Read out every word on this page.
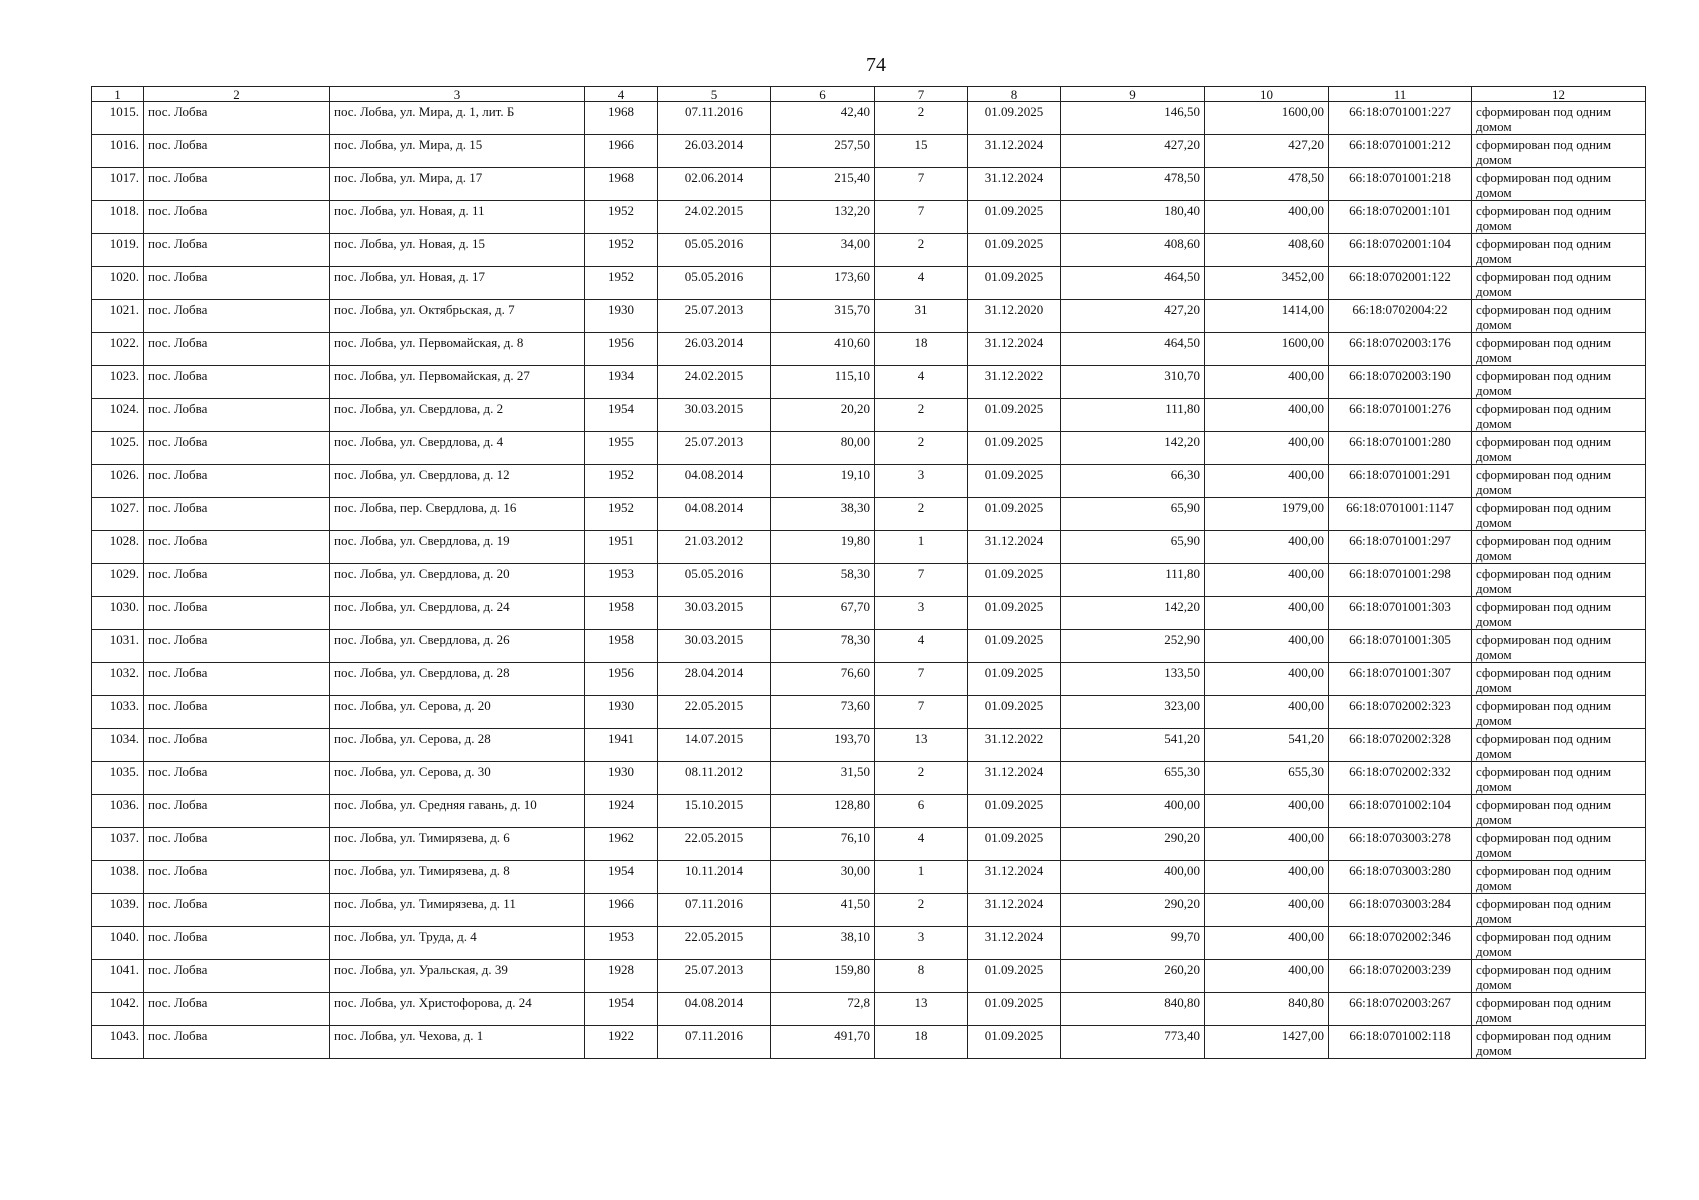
74
1	2	3	4	5	6	7	8	9	10	11	12
1015.	пос. Лобва	пос. Лобва, ул. Мира, д. 1, лит. Б	1968	07.11.2016	42,40	2	01.09.2025	146,50	1600,00	66:18:0701001:227	сформирован под одним домом
1016.	пос. Лобва	пос. Лобва, ул. Мира, д. 15	1966	26.03.2014	257,50	15	31.12.2024	427,20	427,20	66:18:0701001:212	сформирован под одним домом
1017.	пос. Лобва	пос. Лобва, ул. Мира, д. 17	1968	02.06.2014	215,40	7	31.12.2024	478,50	478,50	66:18:0701001:218	сформирован под одним домом
1018.	пос. Лобва	пос. Лобва, ул. Новая, д. 11	1952	24.02.2015	132,20	7	01.09.2025	180,40	400,00	66:18:0702001:101	сформирован под одним домом
1019.	пос. Лобва	пос. Лобва, ул. Новая, д. 15	1952	05.05.2016	34,00	2	01.09.2025	408,60	408,60	66:18:0702001:104	сформирован под одним домом
1020.	пос. Лобва	пос. Лобва, ул. Новая, д. 17	1952	05.05.2016	173,60	4	01.09.2025	464,50	3452,00	66:18:0702001:122	сформирован под одним домом
1021.	пос. Лобва	пос. Лобва, ул. Октябрьская, д. 7	1930	25.07.2013	315,70	31	31.12.2020	427,20	1414,00	66:18:0702004:22	сформирован под одним домом
1022.	пос. Лобва	пос. Лобва, ул. Первомайская, д. 8	1956	26.03.2014	410,60	18	31.12.2024	464,50	1600,00	66:18:0702003:176	сформирован под одним домом
1023.	пос. Лобва	пос. Лобва, ул. Первомайская, д. 27	1934	24.02.2015	115,10	4	31.12.2022	310,70	400,00	66:18:0702003:190	сформирован под одним домом
1024.	пос. Лобва	пос. Лобва, ул. Свердлова, д. 2	1954	30.03.2015	20,20	2	01.09.2025	111,80	400,00	66:18:0701001:276	сформирован под одним домом
1025.	пос. Лобва	пос. Лобва, ул. Свердлова, д. 4	1955	25.07.2013	80,00	2	01.09.2025	142,20	400,00	66:18:0701001:280	сформирован под одним домом
1026.	пос. Лобва	пос. Лобва, ул. Свердлова, д. 12	1952	04.08.2014	19,10	3	01.09.2025	66,30	400,00	66:18:0701001:291	сформирован под одним домом
1027.	пос. Лобва	пос. Лобва, пер. Свердлова, д. 16	1952	04.08.2014	38,30	2	01.09.2025	65,90	1979,00	66:18:0701001:1147	сформирован под одним домом
1028.	пос. Лобва	пос. Лобва, ул. Свердлова, д. 19	1951	21.03.2012	19,80	1	31.12.2024	65,90	400,00	66:18:0701001:297	сформирован под одним домом
1029.	пос. Лобва	пос. Лобва, ул. Свердлова, д. 20	1953	05.05.2016	58,30	7	01.09.2025	111,80	400,00	66:18:0701001:298	сформирован под одним домом
1030.	пос. Лобва	пос. Лобва, ул. Свердлова, д. 24	1958	30.03.2015	67,70	3	01.09.2025	142,20	400,00	66:18:0701001:303	сформирован под одним домом
1031.	пос. Лобва	пос. Лобва, ул. Свердлова, д. 26	1958	30.03.2015	78,30	4	01.09.2025	252,90	400,00	66:18:0701001:305	сформирован под одним домом
1032.	пос. Лобва	пос. Лобва, ул. Свердлова, д. 28	1956	28.04.2014	76,60	7	01.09.2025	133,50	400,00	66:18:0701001:307	сформирован под одним домом
1033.	пос. Лобва	пос. Лобва, ул. Серова, д. 20	1930	22.05.2015	73,60	7	01.09.2025	323,00	400,00	66:18:0702002:323	сформирован под одним домом
1034.	пос. Лобва	пос. Лобва, ул. Серова, д. 28	1941	14.07.2015	193,70	13	31.12.2022	541,20	541,20	66:18:0702002:328	сформирован под одним домом
1035.	пос. Лобва	пос. Лобва, ул. Серова, д. 30	1930	08.11.2012	31,50	2	31.12.2024	655,30	655,30	66:18:0702002:332	сформирован под одним домом
1036.	пос. Лобва	пос. Лобва, ул. Средняя гавань, д. 10	1924	15.10.2015	128,80	6	01.09.2025	400,00	400,00	66:18:0701002:104	сформирован под одним домом
1037.	пос. Лобва	пос. Лобва, ул. Тимирязева, д. 6	1962	22.05.2015	76,10	4	01.09.2025	290,20	400,00	66:18:0703003:278	сформирован под одним домом
1038.	пос. Лобва	пос. Лобва, ул. Тимирязева, д. 8	1954	10.11.2014	30,00	1	31.12.2024	400,00	400,00	66:18:0703003:280	сформирован под одним домом
1039.	пос. Лобва	пос. Лобва, ул. Тимирязева, д. 11	1966	07.11.2016	41,50	2	31.12.2024	290,20	400,00	66:18:0703003:284	сформирован под одним домом
1040.	пос. Лобва	пос. Лобва, ул. Труда, д. 4	1953	22.05.2015	38,10	3	31.12.2024	99,70	400,00	66:18:0702002:346	сформирован под одним домом
1041.	пос. Лобва	пос. Лобва, ул. Уральская, д. 39	1928	25.07.2013	159,80	8	01.09.2025	260,20	400,00	66:18:0702003:239	сформирован под одним домом
1042.	пос. Лобва	пос. Лобва, ул. Христофорова, д. 24	1954	04.08.2014	72,8	13	01.09.2025	840,80	840,80	66:18:0702003:267	сформирован под одним домом
1043.	пос. Лобва	пос. Лобва, ул. Чехова, д. 1	1922	07.11.2016	491,70	18	01.09.2025	773,40	1427,00	66:18:0701002:118	сформирован под одним домом
